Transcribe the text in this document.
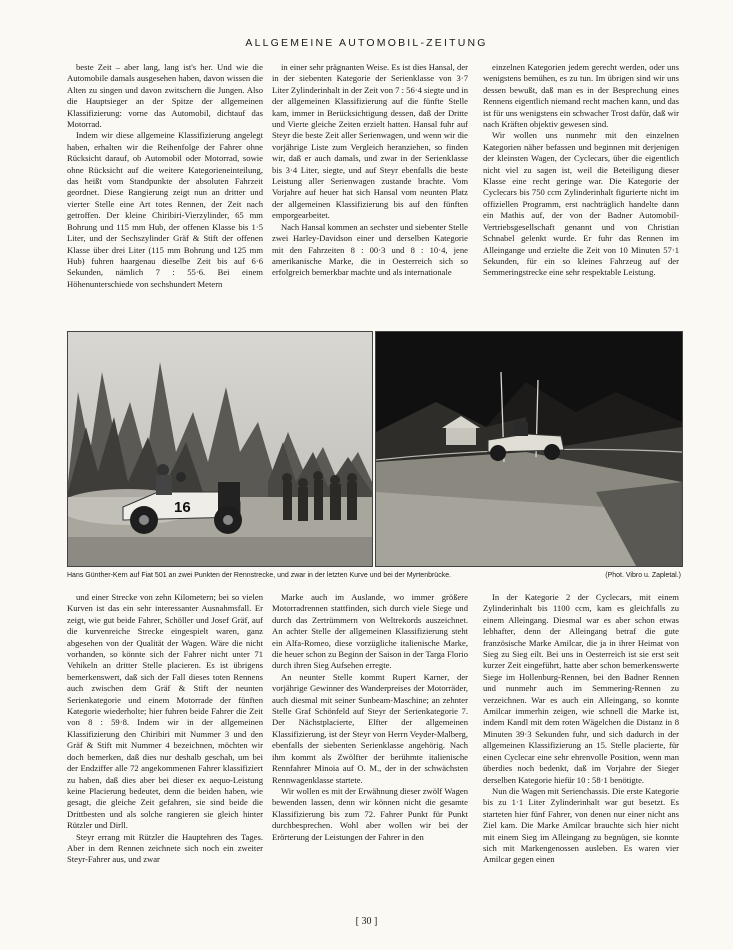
ALLGEMEINE AUTOMOBIL-ZEITUNG

beste Zeit – aber lang, lang ist's her. Und wie die Automobile damals ausgesehen haben, davon wissen die Alten zu singen und davon zwitschern die Jungen. Also die Hauptsieger an der Spitze der allgemeinen Klassifizierung: vorne das Automobil, dichtauf das Motorrad.

Indem wir diese allgemeine Klassifizierung angelegt haben, erhalten wir die Reihenfolge der Fahrer ohne Rücksicht darauf, ob Automobil oder Motorrad, sowie ohne Rücksicht auf die weitere Kategorieneinteilung, das heißt vom Standpunkte der absoluten Fahrzeit geordnet. Diese Rangierung zeigt nun an dritter und vierter Stelle eine Art totes Rennen, der Zeit nach getroffen. Der kleine Chiribiri-Vierzylinder, 65 mm Bohrung und 115 mm Hub, der offenen Klasse bis 1·5 Liter, und der Sechszylinder Gräf & Stift der offenen Klasse über drei Liter (115 mm Bohrung und 125 mm Hub) fuhren haargenau dieselbe Zeit bis auf 6·6 Sekunden, nämlich 7 : 55·6. Bei einem Höhenunterschiede von sechshundert Metern

in einer sehr prägnanten Weise. Es ist dies Hansal, der in der siebenten Kategorie der Serienklasse von 3·7 Liter Zylinderinhalt in der Zeit von 7 : 56·4 siegte und in der allgemeinen Klassifizierung auf die fünfte Stelle kam, immer in Berücksichtigung dessen, daß der Dritte und Vierte gleiche Zeiten erzielt hatten. Hansal fuhr auf Steyr die beste Zeit aller Serienwagen, und wenn wir die vorjährige Liste zum Vergleich heranziehen, so finden wir, daß er auch damals, und zwar in der Serienklasse bis 3·4 Liter, siegte, und auf Steyr ebenfalls die beste Leistung aller Serienwagen zustande brachte. Vom Vorjahre auf heuer hat sich Hansal vom neunten Platz der allgemeinen Klassifizierung bis auf den fünften emporgearbeitet.

Nach Hansal kommen an sechster und siebenter Stelle zwei Harley-Davidson einer und derselben Kategorie mit den Fahrzeiten 8 : 00·3 und 8 : 10·4, jene amerikanische Marke, die in Oesterreich sich so erfolgreich bemerkbar machte und als internationale

einzelnen Kategorien jedem gerecht werden, oder uns wenigstens bemühen, es zu tun. Im übrigen sind wir uns dessen bewußt, daß man es in der Besprechung eines Rennens eigentlich niemand recht machen kann, und das ist für uns wenigstens ein schwacher Trost dafür, daß wir nach Kräften objektiv gewesen sind.

Wir wollen uns nunmehr mit den einzelnen Kategorien näher befassen und beginnen mit derjenigen der kleinsten Wagen, der Cyclecars, über die eigentlich nicht viel zu sagen ist, weil die Beteiligung dieser Klasse eine recht geringe war. Die Kategorie der Cyclecars bis 750 ccm Zylinderinhalt figurierte nicht im offiziellen Programm, erst nachträglich handelte dann ein Mathis auf, der von der Badner Automobil-Vertriebsgesellschaft genannt und von Christian Schnabel gelenkt wurde. Er fuhr das Rennen im Alleingange und erzielte die Zeit von 10 Minuten 57·1 Sekunden, für ein so kleines Fahrzeug auf der Semmeringstrecke eine sehr respektable Leistung.

16
Hans Günther-Kern auf Fiat 501 an zwei Punkten der Rennstrecke, und zwar in der letzten Kurve und bei der Myrtenbrücke.	(Phot. Vibro u. Zapletal.)

und einer Strecke von zehn Kilometern; bei so vielen Kurven ist das ein sehr interessanter Ausnahmsfall. Er zeigt, wie gut beide Fahrer, Schöller und Josef Gräf, auf die kurvenreiche Strecke eingespielt waren, ganz abgesehen von der Qualität der Wagen. Wäre die nicht vorhanden, so könnte sich der Fahrer nicht unter 71 Vehikeln an dritter Stelle placieren. Es ist übrigens bemerkenswert, daß sich der Fall dieses toten Rennens auch zwischen dem Gräf & Stift der neunten Serienkategorie und einem Motorrade der fünften Kategorie wiederholte; hier fuhren beide Fahrer die Zeit von 8 : 59·8. Indem wir in der allgemeinen Klassifizierung den Chiribiri mit Nummer 3 und den Gräf & Stift mit Nummer 4 bezeichnen, möchten wir doch bemerken, daß dies nur deshalb geschah, um bei der Endziffer alle 72 angekommenen Fahrer klassifiziert zu haben, daß dies aber bei dieser ex aequo-Leistung keine Placierung bedeutet, denn die beiden haben, wie gesagt, die gleiche Zeit gefahren, sie sind beide die Drittbesten und als solche rangieren sie gleich hinter Rützler und Dirll.

Steyr errang mit Rützler die Hauptehren des Tages. Aber in dem Rennen zeichnete sich noch ein zweiter Steyr-Fahrer aus, und zwar

Marke auch im Auslande, wo immer größere Motorradrennen stattfinden, sich durch viele Siege und durch das Zertrümmern von Weltrekords auszeichnet. An achter Stelle der allgemeinen Klassifizierung steht ein Alfa-Romeo, diese vorzügliche italienische Marke, die heuer schon zu Beginn der Saison in der Targa Florio durch ihren Sieg Aufsehen erregte.

An neunter Stelle kommt Rupert Karner, der vorjährige Gewinner des Wanderpreises der Motorräder, auch diesmal mit seiner Sunbeam-Maschine; an zehnter Stelle Graf Schönfeld auf Steyr der Serienkategorie 7. Der Nächstplacierte, Elfter der allgemeinen Klassifizierung, ist der Steyr von Herrn Veyder-Malberg, ebenfalls der siebenten Serienklasse angehörig. Nach ihm kommt als Zwölfter der berühmte italienische Rennfahrer Minoia auf O. M., der in der schwächsten Rennwagenklasse startete.

Wir wollen es mit der Erwähnung dieser zwölf Wagen bewenden lassen, denn wir können nicht die gesamte Klassifizierung bis zum 72. Fahrer Punkt für Punkt durchbesprechen. Wohl aber wollen wir bei der Erörterung der Leistungen der Fahrer in den

In der Kategorie 2 der Cyclecars, mit einem Zylinderinhalt bis 1100 ccm, kam es gleichfalls zu einem Alleingang. Diesmal war es aber schon etwas lebhafter, denn der Alleingang betraf die gute französische Marke Amilcar, die ja in ihrer Heimat von Sieg zu Sieg eilt. Bei uns in Oesterreich ist sie erst seit kurzer Zeit eingeführt, hatte aber schon bemerkenswerte Siege im Hollenburg-Rennen, bei den Badner Rennen und nunmehr auch im Semmering-Rennen zu verzeichnen. War es auch ein Alleingang, so konnte Amilcar immerhin zeigen, wie schnell die Marke ist, indem Kandl mit dem roten Wägelchen die Distanz in 8 Minuten 39·3 Sekunden fuhr, und sich dadurch in der allgemeinen Klassifizierung an 15. Stelle placierte, für einen Cyclecar eine sehr ehrenvolle Position, wenn man überdies noch bedenkt, daß im Vorjahre der Sieger derselben Kategorie hiefür 10 : 58·1 benötigte.

Nun die Wagen mit Serienchassis. Die erste Kategorie bis zu 1·1 Liter Zylinderinhalt war gut besetzt. Es starteten hier fünf Fahrer, von denen nur einer nicht ans Ziel kam. Die Marke Amilcar brauchte sich hier nicht mit einem Sieg im Alleingang zu begnügen, sie konnte sich mit Markengenossen ausleben. Es waren vier Amilcar gegen einen

[ 30 ]
